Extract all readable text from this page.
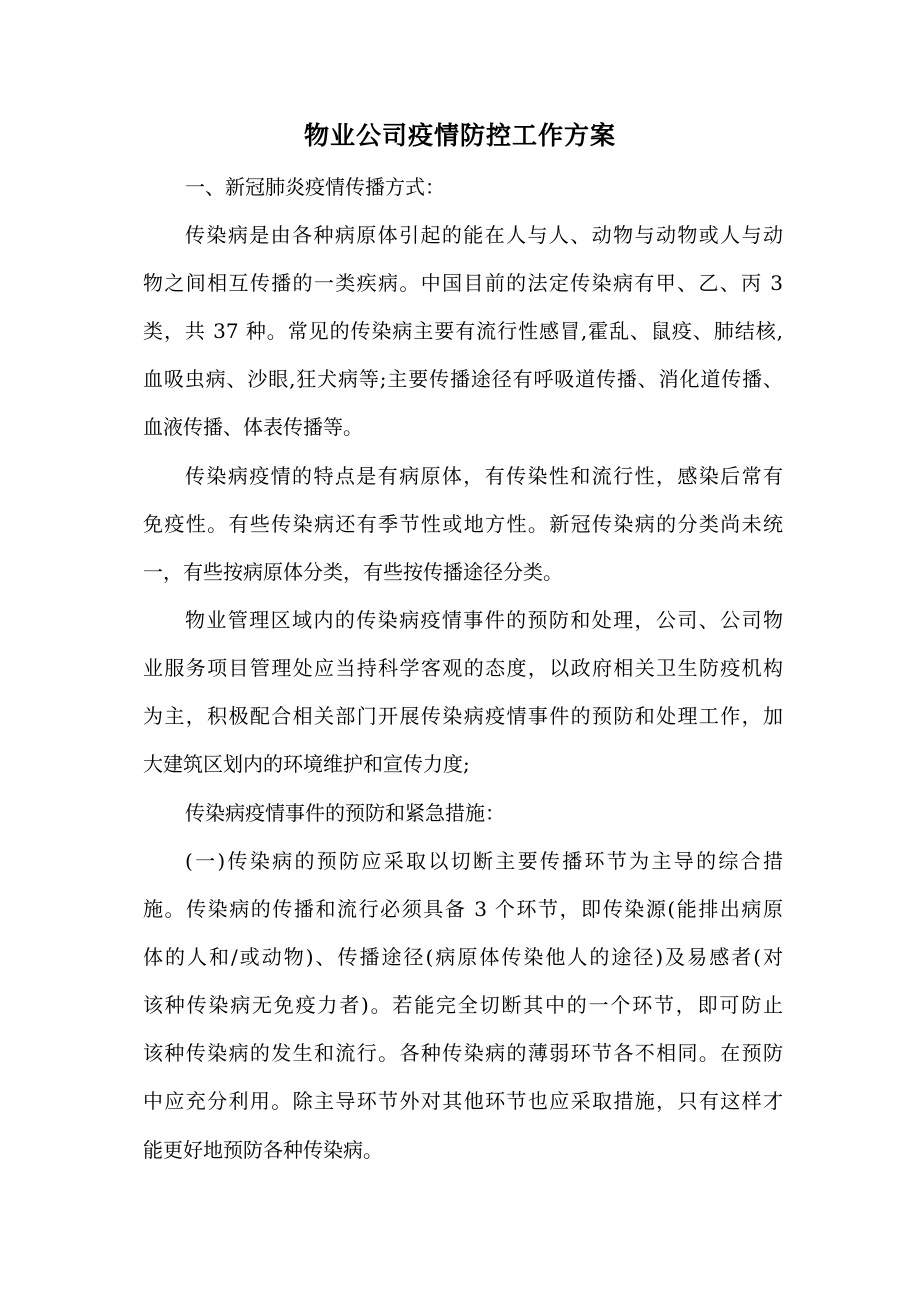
物业公司疫情防控工作方案

一、新冠肺炎疫情传播方式：

传染病是由各种病原体引起的能在人与人、动物与动物或人与动

物之间相互传播的一类疾病。中国目前的法定传染病有甲、乙、丙 3

类，共 37 种。常见的传染病主要有流行性感冒,霍乱、鼠疫、肺结核,

血吸虫病、沙眼,狂犬病等;主要传播途径有呼吸道传播、消化道传播、

血液传播、体表传播等。

传染病疫情的特点是有病原体，有传染性和流行性，感染后常有

免疫性。有些传染病还有季节性或地方性。新冠传染病的分类尚未统

一，有些按病原体分类，有些按传播途径分类。

物业管理区域内的传染病疫情事件的预防和处理，公司、公司物

业服务项目管理处应当持科学客观的态度，以政府相关卫生防疫机构

为主，积极配合相关部门开展传染病疫情事件的预防和处理工作，加

大建筑区划内的环境维护和宣传力度;

传染病疫情事件的预防和紧急措施：

(一)传染病的预防应采取以切断主要传播环节为主导的综合措

施。传染病的传播和流行必须具备 3 个环节，即传染源(能排出病原

体的人和/或动物)、传播途径(病原体传染他人的途径)及易感者(对

该种传染病无免疫力者)。若能完全切断其中的一个环节，即可防止

该种传染病的发生和流行。各种传染病的薄弱环节各不相同。在预防

中应充分利用。除主导环节外对其他环节也应采取措施，只有这样才

能更好地预防各种传染病。
